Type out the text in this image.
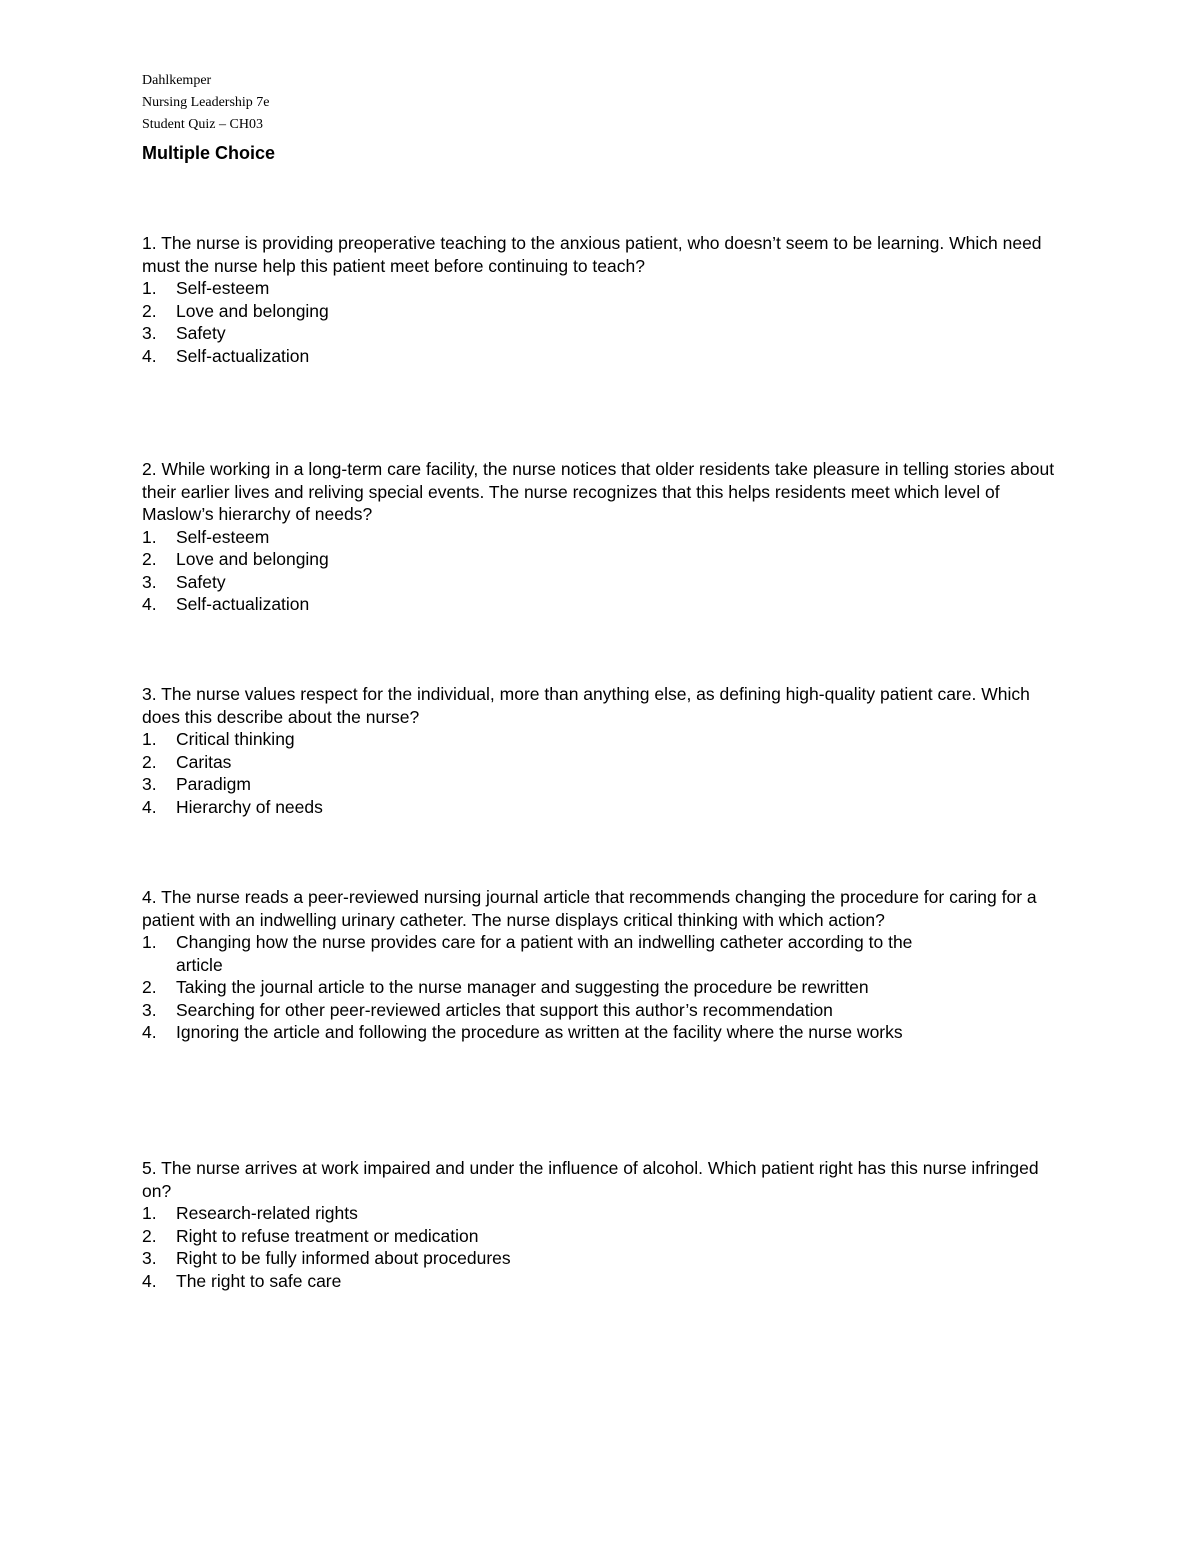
Dahlkemper
Nursing Leadership 7e
Student Quiz – CH03
Multiple Choice

1. The nurse is providing preoperative teaching to the anxious patient, who doesn’t seem to be learning. Which need must the nurse help this patient meet before continuing to teach?

1.	Self-esteem
2.	Love and belonging
3.	Safety
4.	Self-actualization

2. While working in a long-term care facility, the nurse notices that older residents take pleasure in telling stories about their earlier lives and reliving special events. The nurse recognizes that this helps residents meet which level of Maslow’s hierarchy of needs?

1.	Self-esteem
2.	Love and belonging
3.	Safety
4.	Self-actualization

3. The nurse values respect for the individual, more than anything else, as defining high-quality patient care. Which does this describe about the nurse?

1.	Critical thinking
2.	Caritas
3.	Paradigm
4.	Hierarchy of needs

4. The nurse reads a peer-reviewed nursing journal article that recommends changing the procedure for caring for a patient with an indwelling urinary catheter. The nurse displays critical thinking with which action?

1.	Changing how the nurse provides care for a patient with an indwelling catheter according to the article
2.	Taking the journal article to the nurse manager and suggesting the procedure be rewritten
3.	Searching for other peer-reviewed articles that support this author’s recommendation
4.	Ignoring the article and following the procedure as written at the facility where the nurse works

5. The nurse arrives at work impaired and under the influence of alcohol. Which patient right has this nurse infringed on?

1.	Research-related rights
2.	Right to refuse treatment or medication
3.	Right to be fully informed about procedures
4.	The right to safe care
